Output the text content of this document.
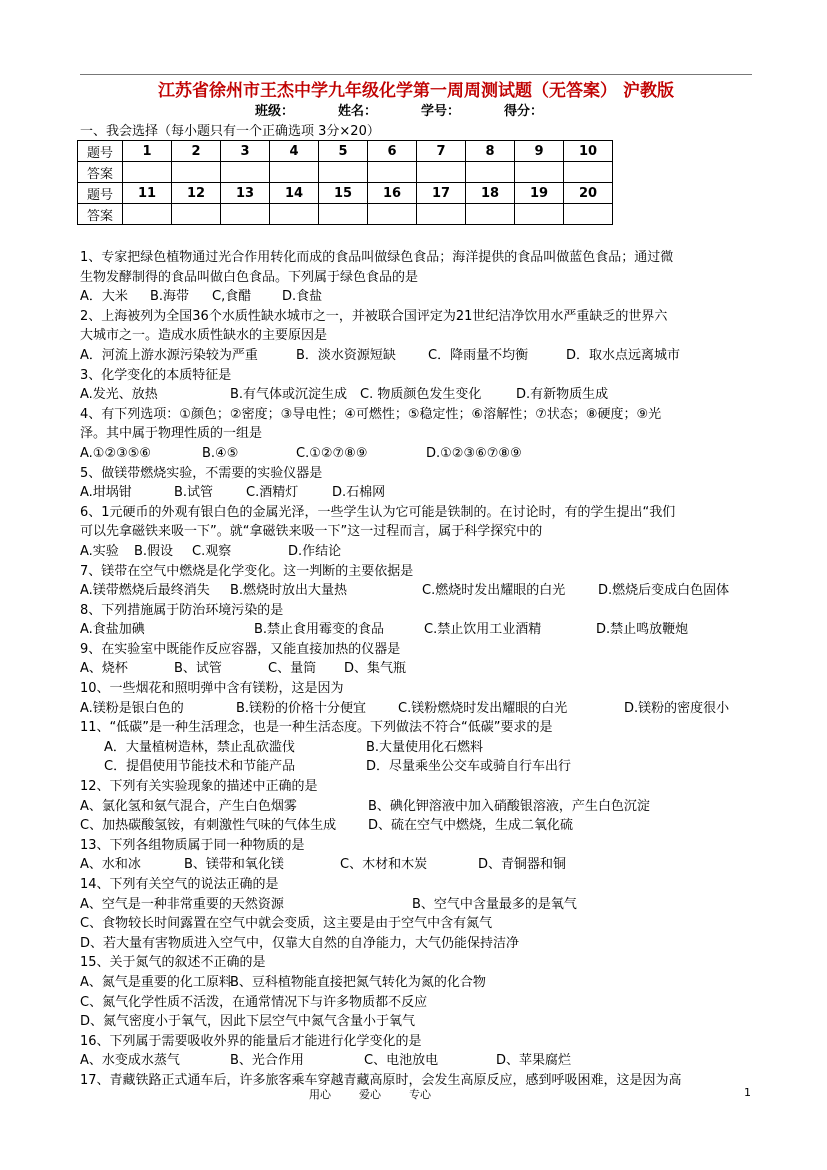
江苏省徐州市王杰中学九年级化学第一周周测试题（无答案） 沪教版
班级：	姓名：	学号：	得分：
一、我会选择（每小题只有一个正确选项 3分×20）
题号	1	2	3	4	5	6	7	8	9	10
答案										
题号	11	12	13	14	15	16	17	18	19	20
答案										
1、专家把绿色植物通过光合作用转化而成的食品叫做绿色食品；海洋提供的食品叫做蓝色食品；通过微
生物发酵制得的食品叫做白色食品。下列属于绿色食品的是
A．大米 B.海带 C,食醋 D.食盐
2、上海被列为全国36个水质性缺水城市之一，并被联合国评定为21世纪洁净饮用水严重缺乏的世界六
大城市之一。造成水质性缺水的主要原因是
A．河流上游水源污染较为严重	B．淡水资源短缺 C．降雨量不均衡	D．取水点远离城市
3、化学变化的本质特征是
A.发光、放热	B.有气体或沉淀生成 C. 物质颜色发生变化	D.有新物质生成
4、有下列选项：①颜色；②密度；③导电性；④可燃性；⑤稳定性；⑥溶解性；⑦状态；⑧硬度；⑨光
泽。其中属于物理性质的一组是
A.①②③⑤⑥	B.④⑤	C.①②⑦⑧⑨	D.①②③⑥⑦⑧⑨
5、做镁带燃烧实验，不需要的实验仪器是
A.坩埚钳	B.试管	C.酒精灯	D.石棉网
6、1元硬币的外观有银白色的金属光泽，一些学生认为它可能是铁制的。在讨论时，有的学生提出“我们
可以先拿磁铁来吸一下”。就“拿磁铁来吸一下”这一过程而言，属于科学探究中的
A.实验 B.假设 C.观察	D.作结论
7、镁带在空气中燃烧是化学变化。这一判断的主要依据是
A.镁带燃烧后最终消失 B.燃烧时放出大量热	C.燃烧时发出耀眼的白光	D.燃烧后变成白色固体
8、下列措施属于防治环境污染的是
A.食盐加碘	B.禁止食用霉变的食品	C.禁止饮用工业酒精	D.禁止鸣放鞭炮
9、在实验室中既能作反应容器，又能直接加热的仪器是
A、烧杯	B、试管	C、量筒 D、集气瓶
10、一些烟花和照明弹中含有镁粉，这是因为
A.镁粉是银白色的	B.镁粉的价格十分便宜 C.镁粉燃烧时发出耀眼的白光	D.镁粉的密度很小
11、“低碳”是一种生活理念，也是一种生活态度。下列做法不符合“低碳”要求的是
A．大量植树造林，禁止乱砍滥伐	B.大量使用化石燃料
C．提倡使用节能技术和节能产品	D．尽量乘坐公交车或骑自行车出行
12、下列有关实验现象的描述中正确的是
A、氯化氢和氨气混合，产生白色烟雾	B、碘化钾溶液中加入硝酸银溶液，产生白色沉淀
C、加热碳酸氢铵，有刺激性气味的气体生成 D、硫在空气中燃烧，生成二氧化硫
13、下列各组物质属于同一种物质的是
A、水和冰	B、镁带和氧化镁	C、木材和木炭	D、青铜器和铜
14、下列有关空气的说法正确的是
A、空气是一种非常重要的天然资源	B、空气中含量最多的是氧气
C、食物较长时间露置在空气中就会变质，这主要是由于空气中含有氮气
D、若大量有害物质进入空气中，仅靠大自然的自净能力，大气仍能保持洁净
15、关于氮气的叙述不正确的是
A、氮气是重要的化工原料B、豆科植物能直接把氮气转化为氮的化合物
C、氮气化学性质不活泼，在通常情况下与许多物质都不反应
D、氮气密度小于氧气，因此下层空气中氮气含量小于氧气
16、下列属于需要吸收外界的能量后才能进行化学变化的是
A、水变成水蒸气	B、光合作用	C、电池放电	D、苹果腐烂
17、青藏铁路正式通车后，许多旅客乘车穿越青藏高原时，会发生高原反应，感到呼吸困难，这是因为高
用心	爱心	专心	1
